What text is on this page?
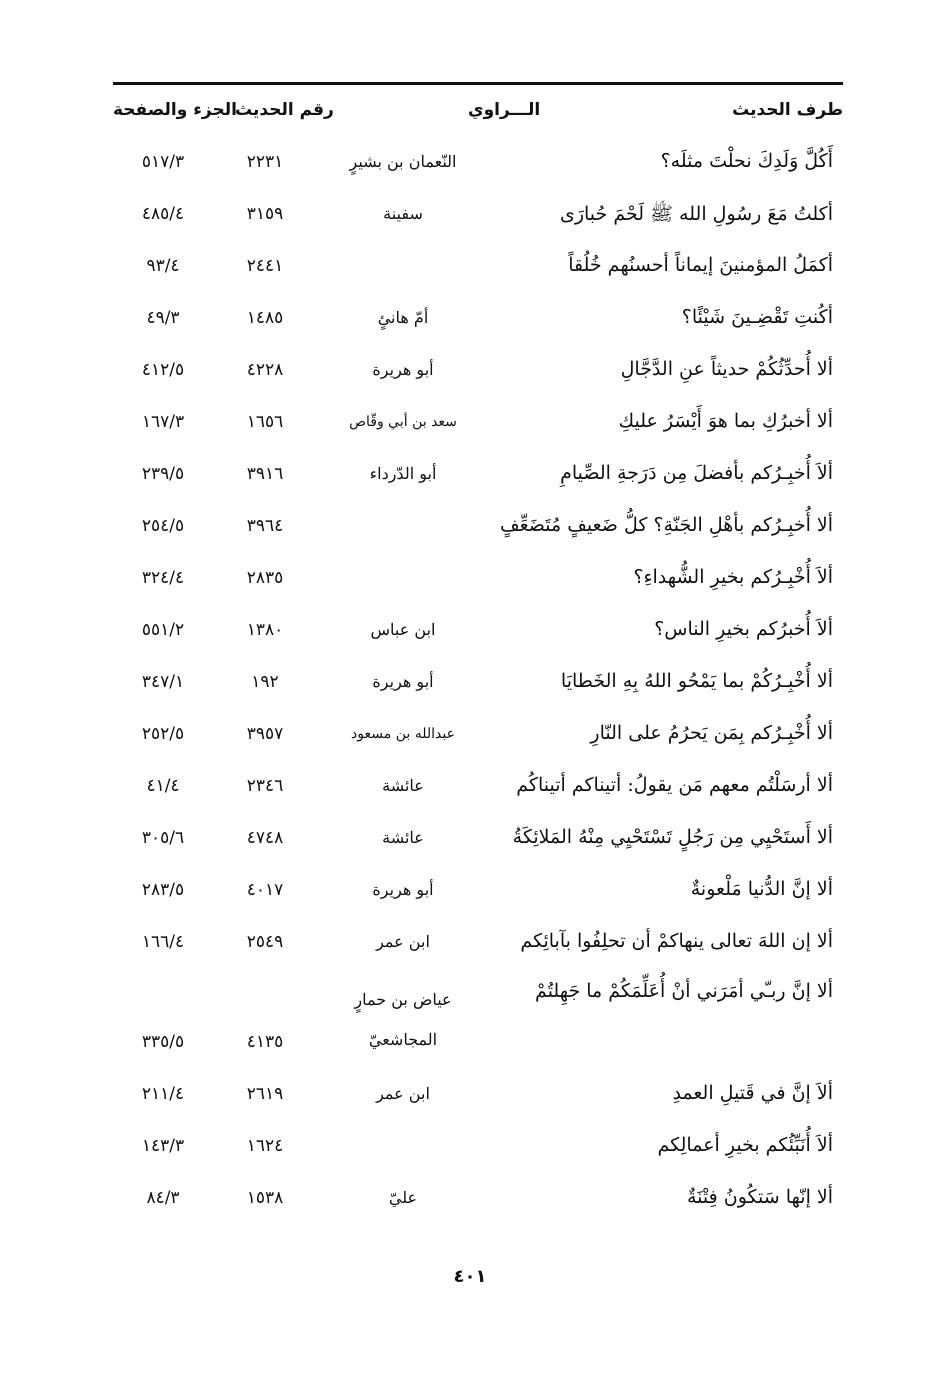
طرف الحديث
الـــراوي
رقم الحديث
الجزء والصفحة
أَكُلَّ وَلَدِكَ نحلْتَ مثلَه؟
النّعمان بن بشيرٍ
٢٢٣١
٥١٧/٣
أكلتُ مَعَ رسُولِ الله ﷺ لَحْمَ حُبارَى
سفينة
٣١٥٩
٤٨٥/٤
أكمَلُ المؤمنينَ إيماناً أحسنُهم خُلُقاً
٢٤٤١
٩٣/٤
أكُنتِ تَقْضِـينَ شَيْئًا؟
أمّ هانئٍ
١٤٨٥
٤٩/٣
ألا أُحدِّثُكُمْ حديثاً عنِ الدَّجَّالِ
أبو هريرة
٤٢٢٨
٤١٢/٥
ألا أخبرُكِ بما هوَ أَيْسَرُ عليكِ
سعد بن أبي وقّاص
١٦٥٦
١٦٧/٣
ألاَ أُخبِـرُكم بأفضلَ مِن دَرَجةِ الصِّيامِ
أبو الدّرداء
٣٩١٦
٢٣٩/٥
ألا أُخبِـرُكم بأهْلِ الجَنّةِ؟ كلُّ ضَعيفٍ مُتَضَعِّفٍ
٣٩٦٤
٢٥٤/٥
ألاَ أُخْبِـرُكم بخيرِ الشُّهداءِ؟
٢٨٣٥
٣٢٤/٤
ألاَ أُخبرُكم بخيرِ الناس؟
ابن عباس
١٣٨٠
٥٥١/٢
ألا أُخْبِـرُكُمْ بما يَمْحُو اللهُ بِهِ الخَطايَا
أبو هريرة
١٩٢
٣٤٧/١
ألا أُخْبِـرُكم بِمَن يَحرُمُ على النّارِ
عبدالله بن مسعود
٣٩٥٧
٢٥٢/٥
ألا أرسَلْتُم معهم مَن يقولُ: أتيناكم أتيناكُم
عائشة
٢٣٤٦
٤١/٤
ألا أَستَحْيِي مِن رَجُلٍ تَسْتَحْيِي مِنْهُ المَلائِكَةُ
عائشة
٤٧٤٨
٣٠٥/٦
ألا إنَّ الدُّنيا مَلْعونةٌ
أبو هريرة
٤٠١٧
٢٨٣/٥
ألا إن اللهَ تعالى ينهاكمْ أن تحلِفُوا بآبائِكم
ابن عمر
٢٥٤٩
١٦٦/٤
ألا إنَّ ربـّي أمَرَني أنْ أُعَلِّمَكُمْ ما جَهِلتُمْ
عياض بن حمارٍ المجاشعيّ
٤١٣٥
٣٣٥/٥
ألاَ إنَّ في قَتيلِ العمدِ
ابن عمر
٢٦١٩
٢١١/٤
ألاَ أُنَبِّئُكم بخيرِ أعمالِكم
١٦٢٤
١٤٣/٣
ألا إنّها سَتكُونُ فِتْنَةٌ
عليّ
١٥٣٨
٨٤/٣
٤٠١
